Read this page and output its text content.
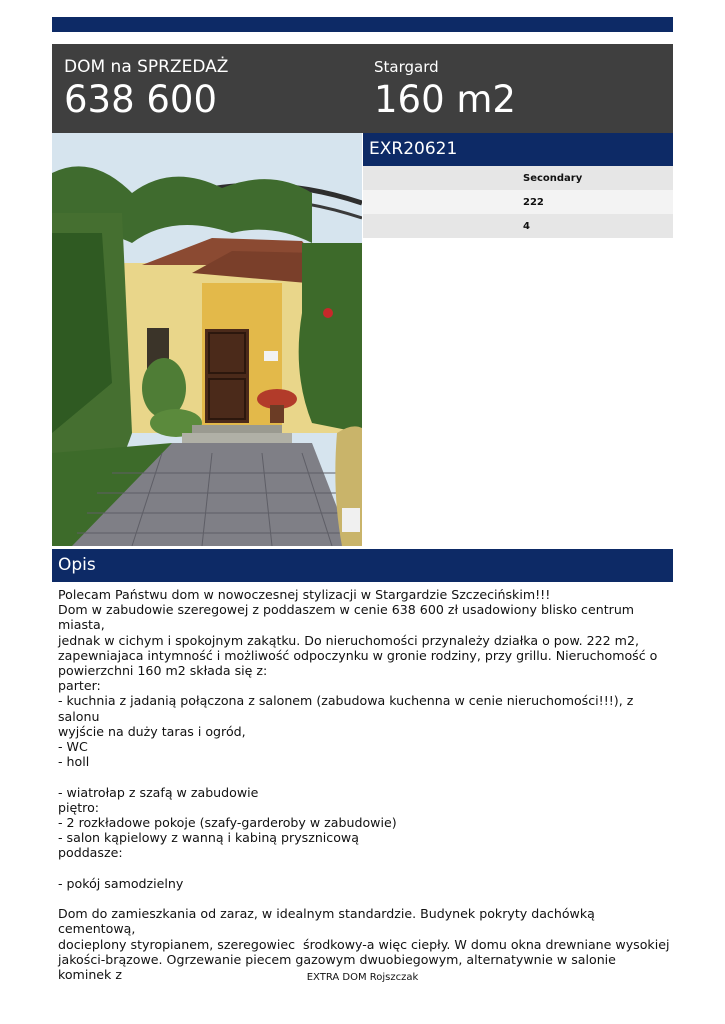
DOM na SPRZEDAŻ
638 600
Stargard
160 m2
EXR20621
Secondary
222
4
Opis
Polecam Państwu dom w nowoczesnej stylizacji w Stargardzie Szczecińskim!!!
Dom w zabudowie szeregowej z poddaszem w cenie 638 600 zł usadowiony blisko centrum miasta,
jednak w cichym i spokojnym zakątku. Do nieruchomości przynależy działka o pow. 222 m2,
zapewniajaca intymność i możliwość odpoczynku w gronie rodziny, przy grillu. Nieruchomość o
powierzchni 160 m2 składa się z:
parter:
- kuchnia z jadanią połączona z salonem (zabudowa kuchenna w cenie nieruchomości!!!), z salonu
wyjście na duży taras i ogród,
- WC
- holl

- wiatrołap z szafą w zabudowie
piętro:
- 2 rozkładowe pokoje (szafy-garderoby w zabudowie)
- salon kąpielowy z wanną i kabiną prysznicową
poddasze:

- pokój samodzielny

Dom do zamieszkania od zaraz, w idealnym standardzie. Budynek pokryty dachówką cementową,
docieplony styropianem, szeregowiec  środkowy-a więc ciepły. W domu okna drewniane wysokiej
jakości-brązowe. Ogrzewanie piecem gazowym dwuobiegowym, alternatywnie w salonie kominek z	EXTRA DOM Rojszczak
